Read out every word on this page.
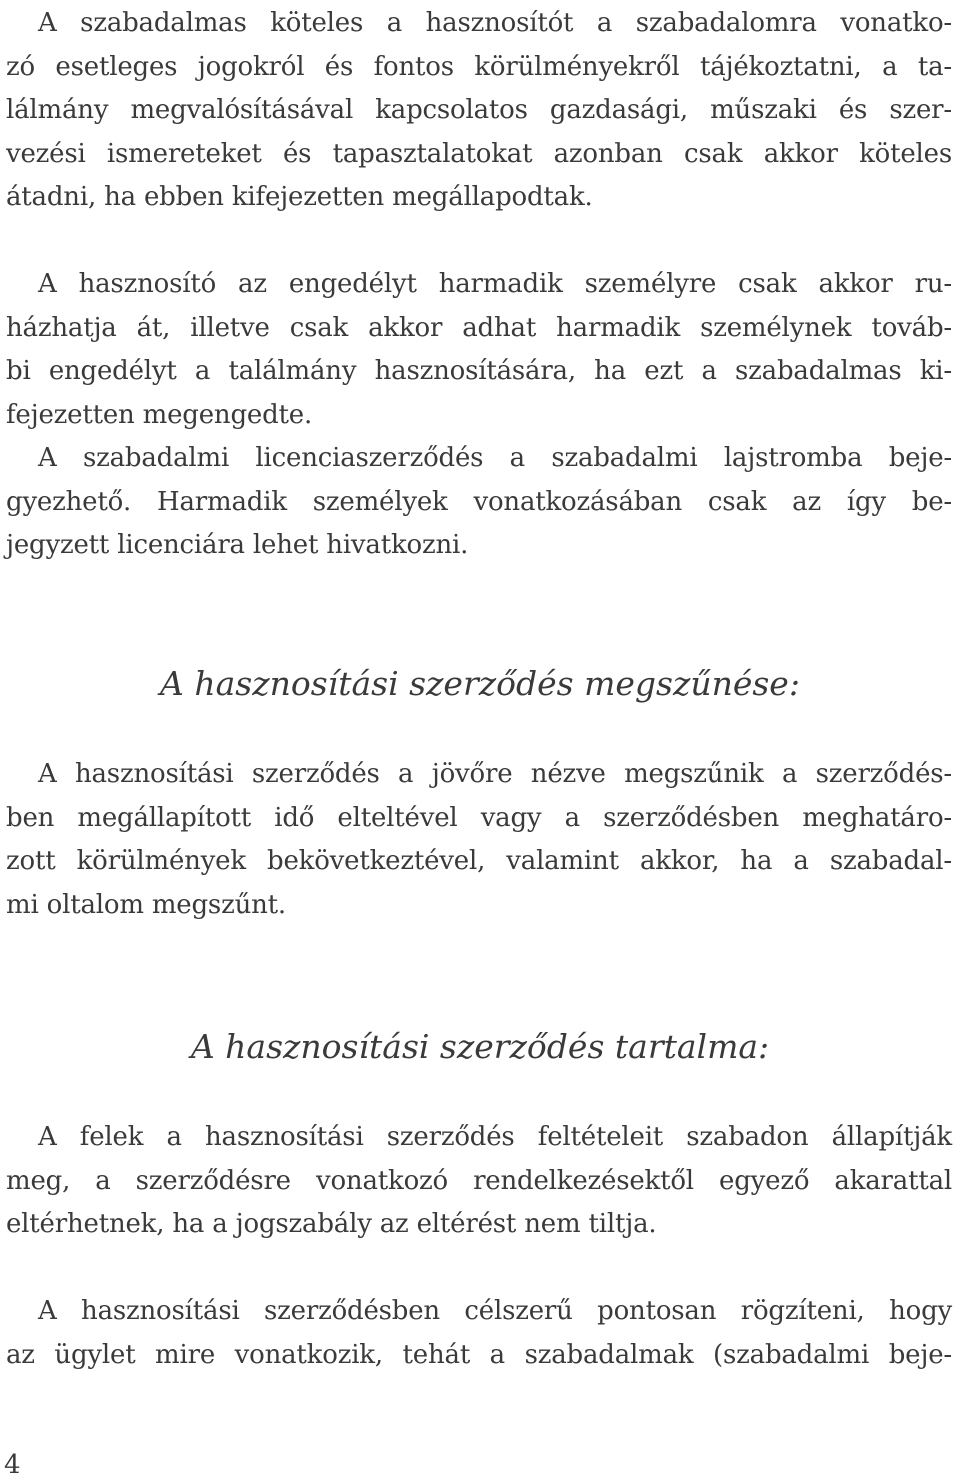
A szabadalmas köteles a hasznosítót a szabadalomra vonatko-
zó esetleges jogokról és fontos körülményekről tájékoztatni, a ta-
lálmány megvalósításával kapcsolatos gazdasági, műszaki és szer-
vezési ismereteket és tapasztalatokat azonban csak akkor köteles
átadni, ha ebben kifejezetten megállapodtak.
A hasznosító az engedélyt harmadik személyre csak akkor ru-
házhatja át, illetve csak akkor adhat harmadik személynek továb-
bi engedélyt a találmány hasznosítására, ha ezt a szabadalmas ki-
fejezetten megengedte.
A szabadalmi licenciaszerződés a szabadalmi lajstromba beje-
gyezhető. Harmadik személyek vonatkozásában csak az így be-
jegyzett licenciára lehet hivatkozni.
A hasznosítási szerződés megszűnése:
A hasznosítási szerződés a jövőre nézve megszűnik a szerződés-
ben megállapított idő elteltével vagy a szerződésben meghatáro-
zott körülmények bekövetkeztével, valamint akkor, ha a szabadal-
mi oltalom megszűnt.
A hasznosítási szerződés tartalma:
A felek a hasznosítási szerződés feltételeit szabadon állapítják
meg, a szerződésre vonatkozó rendelkezésektől egyező akarattal
eltérhetnek, ha a jogszabály az eltérést nem tiltja.
A hasznosítási szerződésben célszerű pontosan rögzíteni, hogy
az ügylet mire vonatkozik, tehát a szabadalmak (szabadalmi beje-
4
